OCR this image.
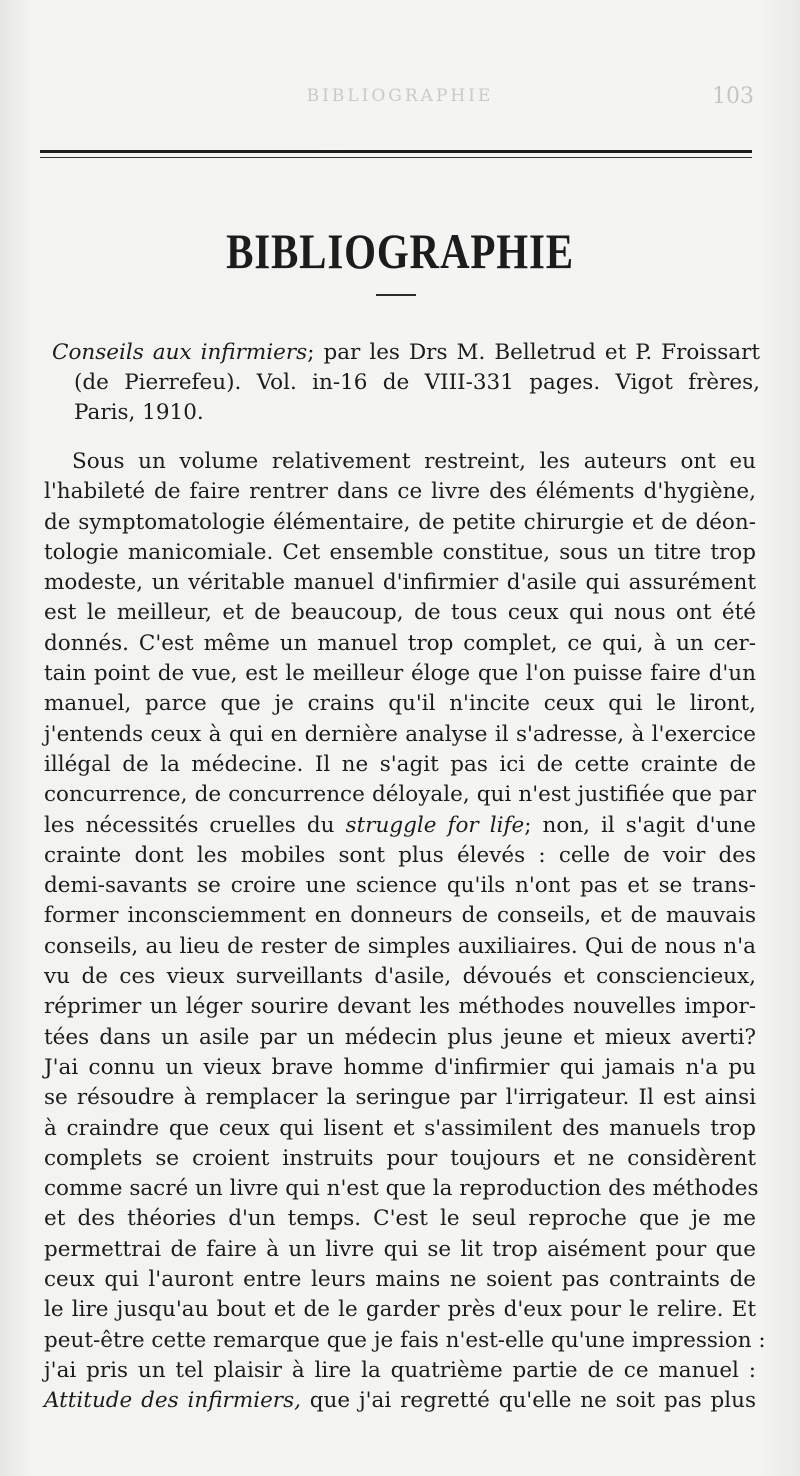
BIBLIOGRAPHIE	103
BIBLIOGRAPHIE
Conseils aux infirmiers; par les Drs M. Belletrud et P. Froissart
(de Pierrefeu). Vol. in-16 de VIII-331 pages. Vigot frères,
Paris, 1910.
Sous un volume relativement restreint, les auteurs ont eu
l'habileté de faire rentrer dans ce livre des éléments d'hygiène,
de symptomatologie élémentaire, de petite chirurgie et de déon-
tologie manicomiale. Cet ensemble constitue, sous un titre trop
modeste, un véritable manuel d'infirmier d'asile qui assurément
est le meilleur, et de beaucoup, de tous ceux qui nous ont été
donnés. C'est même un manuel trop complet, ce qui, à un cer-
tain point de vue, est le meilleur éloge que l'on puisse faire d'un
manuel, parce que je crains qu'il n'incite ceux qui le liront,
j'entends ceux à qui en dernière analyse il s'adresse, à l'exercice
illégal de la médecine. Il ne s'agit pas ici de cette crainte de
concurrence, de concurrence déloyale, qui n'est justifiée que par
les nécessités cruelles du struggle for life; non, il s'agit d'une
crainte dont les mobiles sont plus élevés : celle de voir des
demi-savants se croire une science qu'ils n'ont pas et se trans-
former inconsciemment en donneurs de conseils, et de mauvais
conseils, au lieu de rester de simples auxiliaires. Qui de nous n'a
vu de ces vieux surveillants d'asile, dévoués et consciencieux,
réprimer un léger sourire devant les méthodes nouvelles impor-
tées dans un asile par un médecin plus jeune et mieux averti?
J'ai connu un vieux brave homme d'infirmier qui jamais n'a pu
se résoudre à remplacer la seringue par l'irrigateur. Il est ainsi
à craindre que ceux qui lisent et s'assimilent des manuels trop
complets se croient instruits pour toujours et ne considèrent
comme sacré un livre qui n'est que la reproduction des méthodes
et des théories d'un temps. C'est le seul reproche que je me
permettrai de faire à un livre qui se lit trop aisément pour que
ceux qui l'auront entre leurs mains ne soient pas contraints de
le lire jusqu'au bout et de le garder près d'eux pour le relire. Et
peut-être cette remarque que je fais n'est-elle qu'une impression :
j'ai pris un tel plaisir à lire la quatrième partie de ce manuel :
Attitude des infirmiers, que j'ai regretté qu'elle ne soit pas plus
